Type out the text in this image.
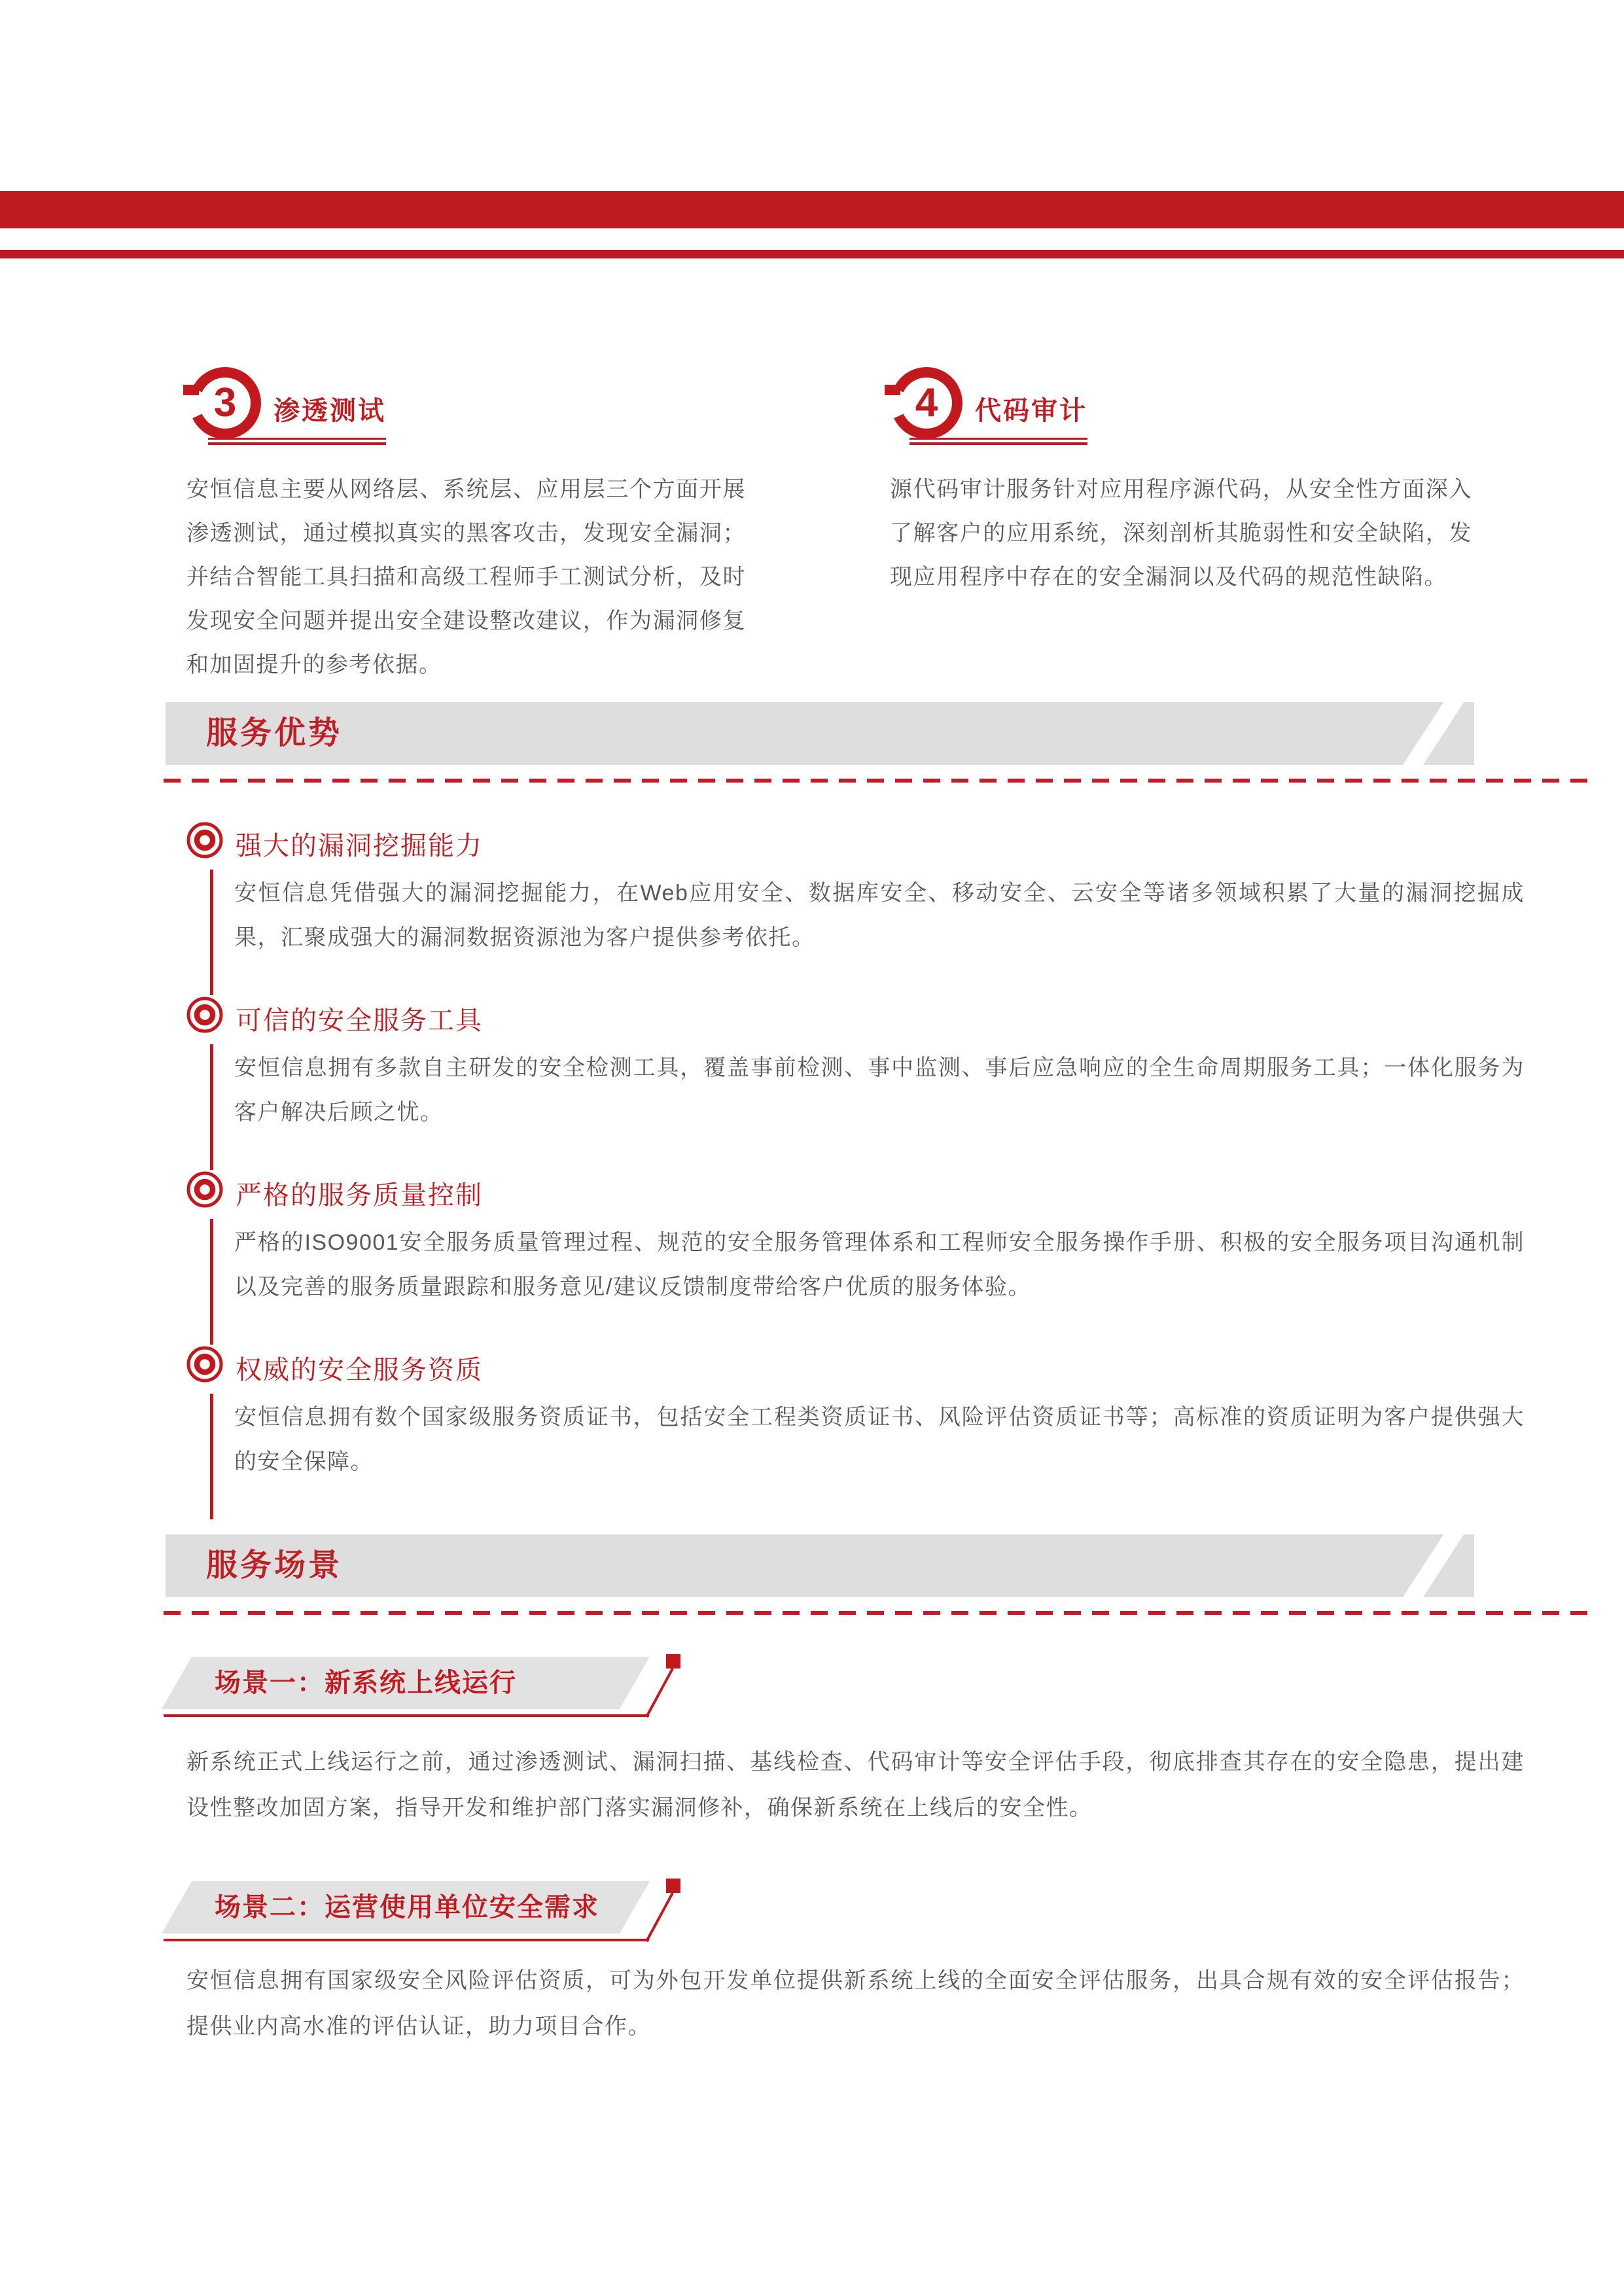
3	渗透测试
安恒信息主要从网络层、系统层、应用层三个方面开展渗透测试，通过模拟真实的黑客攻击，发现安全漏洞；并结合智能工具扫描和高级工程师手工测试分析，及时发现安全问题并提出安全建设整改建议，作为漏洞修复和加固提升的参考依据。
4	代码审计
源代码审计服务针对应用程序源代码，从安全性方面深入了解客户的应用系统，深刻剖析其脆弱性和安全缺陷，发现应用程序中存在的安全漏洞以及代码的规范性缺陷。
服务优势
强大的漏洞挖掘能力
安恒信息凭借强大的漏洞挖掘能力，在Web应用安全、数据库安全、移动安全、云安全等诸多领域积累了大量的漏洞挖掘成果，汇聚成强大的漏洞数据资源池为客户提供参考依托。
可信的安全服务工具
安恒信息拥有多款自主研发的安全检测工具，覆盖事前检测、事中监测、事后应急响应的全生命周期服务工具；一体化服务为客户解决后顾之忧。
严格的服务质量控制
严格的ISO9001安全服务质量管理过程、规范的安全服务管理体系和工程师安全服务操作手册、积极的安全服务项目沟通机制以及完善的服务质量跟踪和服务意见/建议反馈制度带给客户优质的服务体验。
权威的安全服务资质
安恒信息拥有数个国家级服务资质证书，包括安全工程类资质证书、风险评估资质证书等；高标准的资质证明为客户提供强大的安全保障。
服务场景
场景一：新系统上线运行
新系统正式上线运行之前，通过渗透测试、漏洞扫描、基线检查、代码审计等安全评估手段，彻底排查其存在的安全隐患，提出建设性整改加固方案，指导开发和维护部门落实漏洞修补，确保新系统在上线后的安全性。
场景二：运营使用单位安全需求
安恒信息拥有国家级安全风险评估资质，可为外包开发单位提供新系统上线的全面安全评估服务，出具合规有效的安全评估报告；提供业内高水准的评估认证，助力项目合作。
